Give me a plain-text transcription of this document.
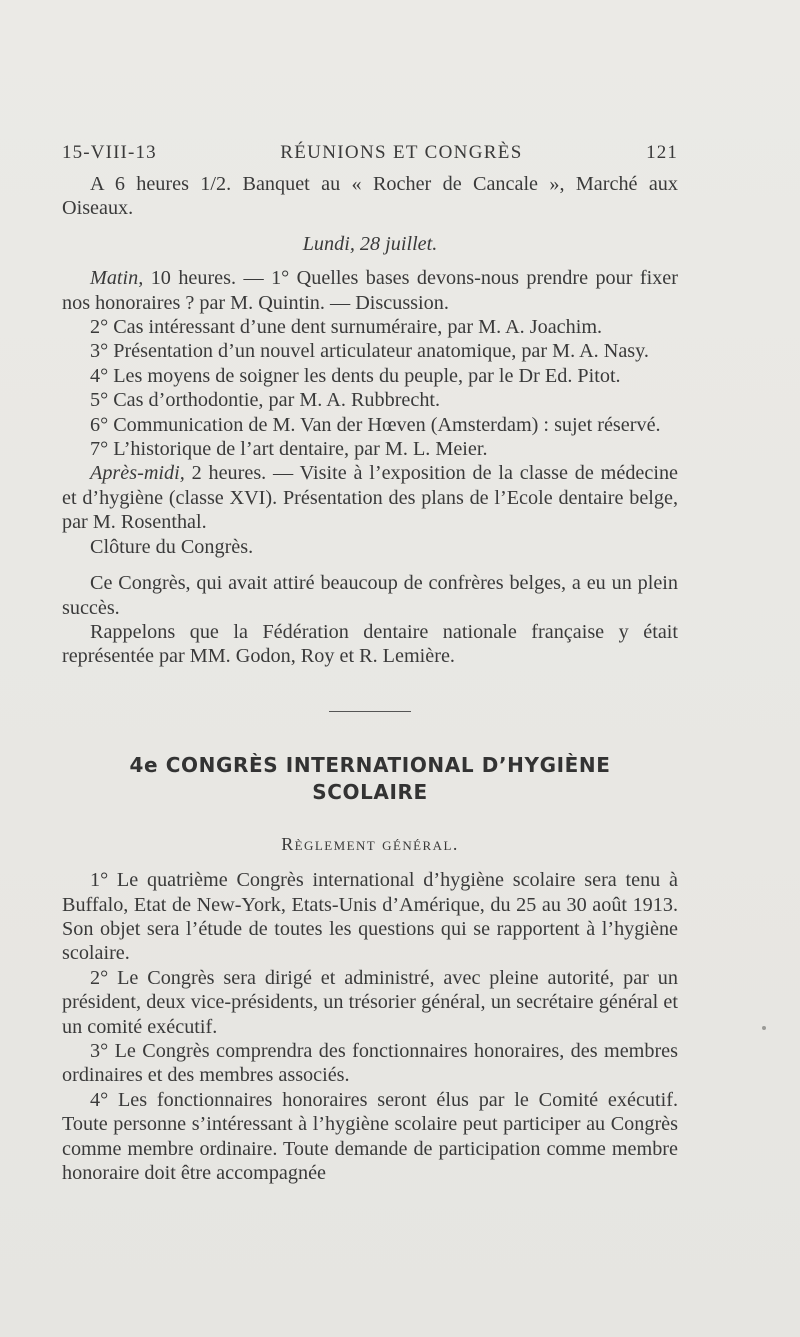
15-VIII-13	RÉUNIONS ET CONGRÈS	121

A 6 heures 1/2. Banquet au « Rocher de Cancale », Marché aux Oiseaux.

Lundi, 28 juillet.

Matin, 10 heures. — 1° Quelles bases devons-nous prendre pour fixer nos honoraires ? par M. Quintin. — Discussion.

2° Cas intéressant d’une dent surnuméraire, par M. A. Joachim.

3° Présentation d’un nouvel articulateur anatomique, par M. A. Nasy.

4° Les moyens de soigner les dents du peuple, par le Dr Ed. Pitot.

5° Cas d’orthodontie, par M. A. Rubbrecht.

6° Communication de M. Van der Hœven (Amsterdam) : sujet réservé.

7° L’historique de l’art dentaire, par M. L. Meier.

Après-midi, 2 heures. — Visite à l’exposition de la classe de médecine et d’hygiène (classe XVI). Présentation des plans de l’Ecole dentaire belge, par M. Rosenthal.

Clôture du Congrès.

Ce Congrès, qui avait attiré beaucoup de confrères belges, a eu un plein succès.

Rappelons que la Fédération dentaire nationale française y était représentée par MM. Godon, Roy et R. Lemière.

4e CONGRÈS INTERNATIONAL D’HYGIÈNE
SCOLAIRE

Règlement général.

1° Le quatrième Congrès international d’hygiène scolaire sera tenu à Buffalo, Etat de New-York, Etats-Unis d’Amérique, du 25 au 30 août 1913. Son objet sera l’étude de toutes les questions qui se rapportent à l’hygiène scolaire.

2° Le Congrès sera dirigé et administré, avec pleine autorité, par un président, deux vice-présidents, un trésorier général, un secrétaire général et un comité exécutif.

3° Le Congrès comprendra des fonctionnaires honoraires, des membres ordinaires et des membres associés.

4° Les fonctionnaires honoraires seront élus par le Comité exécutif. Toute personne s’intéressant à l’hygiène scolaire peut participer au Congrès comme membre ordinaire. Toute demande de participation comme membre honoraire doit être accompagnée
